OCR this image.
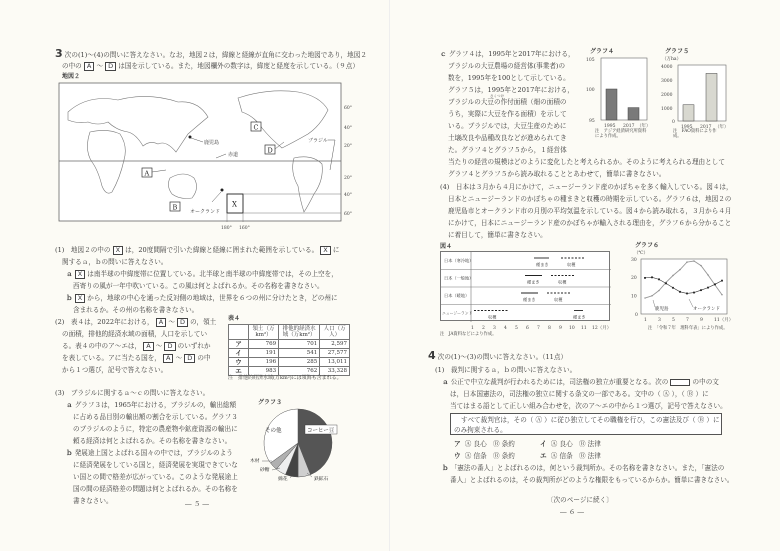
3 次の(1)～(4)の問いに答えなさい。なお，地図２は，緯線と経線が直角に交わった地図であり，地図２
の中の A ～ D は国を示している。また，地図欄外の数字は，緯度と経度を示している。（９点）
地図２
鹿児島
赤道
C
D
ブラジル
A
B
オークランド
X
60°
40°
20°
20°
40°
60°
180° 160°
(1)　地図２の中の X は，20度間隔で引いた緯線と経線に囲まれた範囲を示している。 X に
関するａ，ｂの問いに答えなさい。
ａ X は南半球の中緯度帯に位置している。北半球と南半球の中緯度帯では，その上空を，
西寄りの風が一年中吹いている。この風は何とよばれるか。その名称を書きなさい。
ｂ X から，地球の中心を通った反対側の地域は，世界を６つの州に分けたとき，どの州に
含まれるか。その州の名称を書きなさい。
(2)　表４は，2022年における， A ～ D の，領土
の面積，排他的経済水域の面積，人口を示してい
る。表４の中のア～エは， A ～ D のいずれか
を表している。アに当たる国を， A ～ D の中
から１つ選び，記号で答えなさい。
表４
	領土（万km²）	排他的経済水域（万km²）	人口（万人）
ア	769	701	2,597
イ	191	541	27,577
ウ	196	285	13,011
エ	983	762	33,328
注　排他的経済水域(万km²)には領海も含まれる。
(3)　ブラジルに関するａ～ｃの問いに答えなさい。
ａ グラフ３は，1965年における，ブラジルの，輸出総額
に占める品目別の輸出額の割合を示している。グラフ３
のブラジルのように，特定の農産物や鉱産資源の輸出に
頼る経済は何とよばれるか。その名称を書きなさい。
ｂ 発展途上国とよばれる国々の中では，ブラジルのよう
に経済発展をしている国と，経済発展を実現できていな
い国との間で格差が広がっている。このような発展途上
国の間の経済格差の問題は何とよばれるか。その名称を
書きなさい。
グラフ３
コーヒー豆
その他
木材
砂糖
綿花	鉄鉱石
― ５ ―
ｃ グラフ４は，1995年と2017年における，
ブラジルの大豆農場の経営体(事業者)の
数を，1995年を100として示している。
グラフ５は，1995年と2017年における，
さくつけ
ブラジルの大豆の作付面積（畑の面積の
うち，実際に大豆を作る面積）を示して
いる。ブラジルでは，大豆生産のために
土壌改良や品種改良などが進められてき
た。グラフ４とグラフ５から，１経営体
当たりの経営の規模はどのように変化したと考えられるか。そのように考えられる理由として
グラフ４とグラフ５から読み取れることとあわせて，簡単に書きなさい。
グラフ４
105
100
95
1995 2017 （年）
注　アジア経済研究所資料により作成。
グラフ５
（万ha）
4000
3000
2000
1000
0
1995 2017 （年）
注　FAO資料により作成。
(4)　日本は３月から４月にかけて，ニュージーランド産のかぼちゃを多く輸入している。図４は，
日本とニュージーランドのかぼちゃの種まきと収穫の時期を示している。グラフ６は，地図２の
鹿児島市とオークランド市の月別の平均気温を示している。図４から読み取れる，３月から４月
にかけて，日本にニュージーランド産のかぼちゃが輸入される理由を，グラフ６から分かること
に着目して，簡単に書きなさい。
図４
日本（寒冷地）
日本（一般地）
日本（暖地）
ニュージーランド
種まき	収穫
種まき	収穫
種まき	収穫
収穫	種まき
1 2 3 4 5 6 7 8 9 10 11 12（月）
注　JA資料などにより作成。
グラフ６
（℃）
30
20
10
0
1 3 5 7 9 11（月）
鹿児島	オークランド
注　「令和７年　理科年表」により作成。
4 次の(1)～(3)の問いに答えなさい。（11点）
(1)　裁判に関するａ，ｂの問いに答えなさい。
ａ 公正で中立な裁判が行われるためには，司法権の独立が重要となる。次の	の中の文
は，日本国憲法の，司法権の独立に関する条文の一部である。文中の（ Ⓐ ），（ Ⓑ ）に
当てはまる語として正しい組み合わせを，次のア～エの中から１つ選び，記号で答えなさい。
すべて裁判官は，その（ Ⓐ ）に従ひ独立してその職権を行ひ，この憲法及び（ Ⓑ ）に
のみ拘束される。
ア Ⓐ 良心 Ⓑ 条約	イ Ⓐ 良心 Ⓑ 法律
ウ Ⓐ 信条 Ⓑ 条約	エ Ⓐ 信条 Ⓑ 法律
ｂ 「憲法の番人」とよばれるのは，何という裁判所か。その名称を書きなさい。また，「憲法の
番人」とよばれるのは，その裁判所がどのような権限をもっているからか。簡単に書きなさい。
〔次のページに続く〕
― ６ ―
